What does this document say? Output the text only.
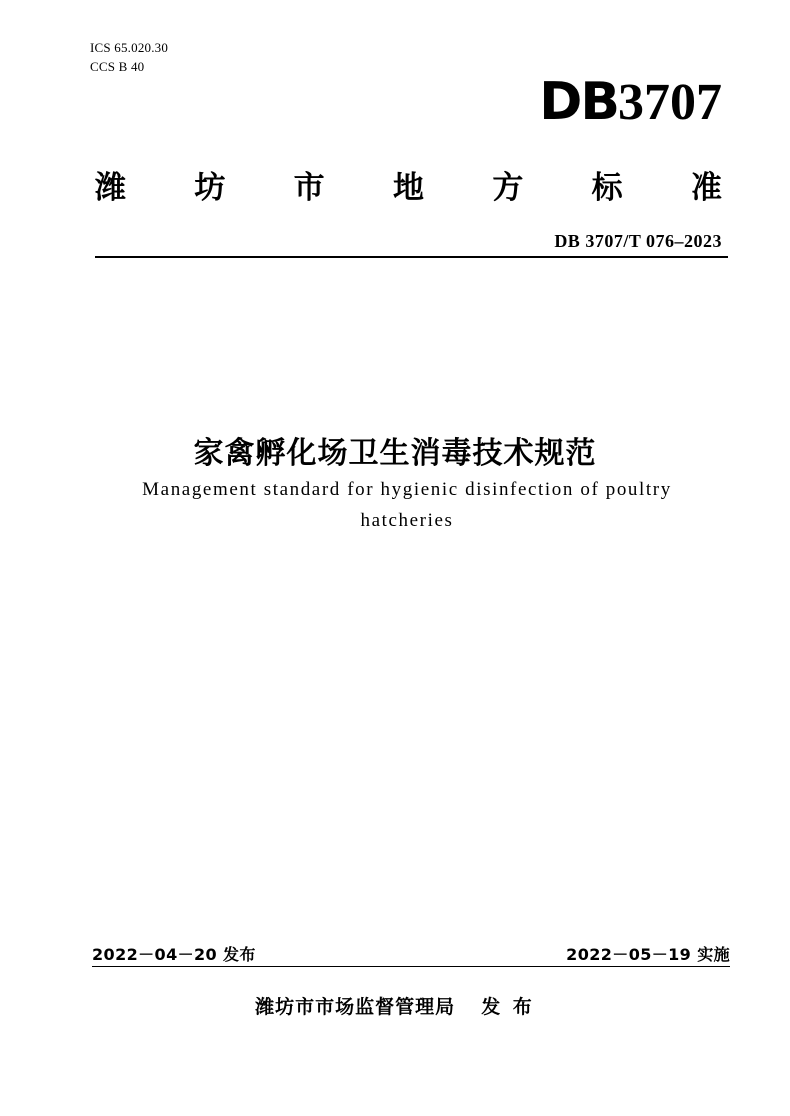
ICS 65.020.30
CCS B 40
DB3707
潍 坊 市 地 方 标 准
DB 3707/T 076–2023
家禽孵化场卫生消毒技术规范
Management standard for hygienic disinfection of poultry
hatcheries
2022－04－20 发布	2022－05－19 实施
潍坊市市场监督管理局 发 布
